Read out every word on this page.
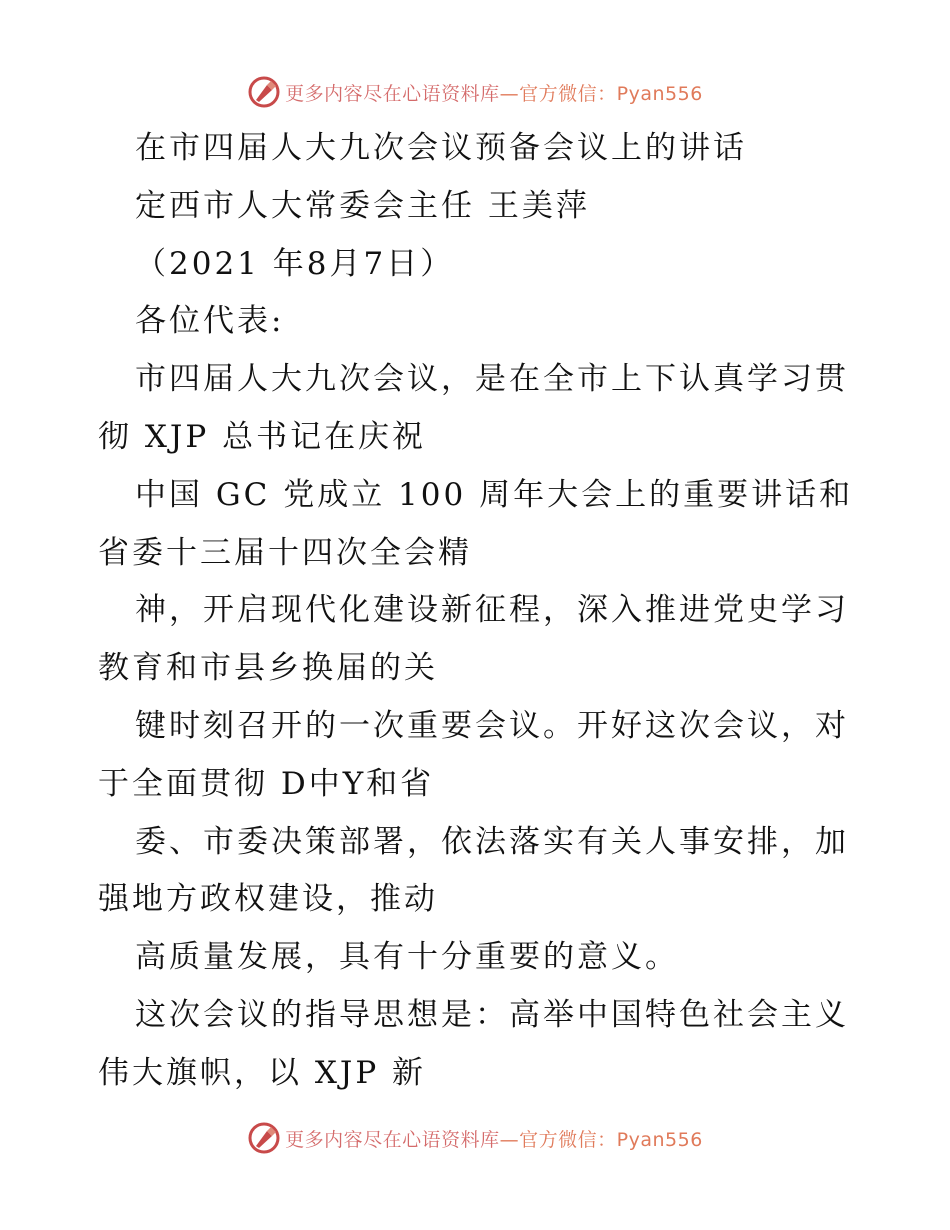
更多内容尽在心语资料库 —官方微信：Pyan556
在市四届人大九次会议预备会议上的讲话
定西市人大常委会主任 王美萍
（2021 年8月7日）
各位代表:
市四届人大九次会议，是在全市上下认真学习贯
彻 XJP 总书记在庆祝
中国 GC 党成立 100 周年大会上的重要讲话和
省委十三届十四次全会精
神，开启现代化建设新征程，深入推进党史学习
教育和市县乡换届的关
键时刻召开的一次重要会议。开好这次会议，对
于全面贯彻 D中Y和省
委、市委决策部署，依法落实有关人事安排，加
强地方政权建设，推动
高质量发展，具有十分重要的意义。
这次会议的指导思想是：高举中国特色社会主义
伟大旗帜，以 XJP 新
更多内容尽在心语资料库 —官方微信：Pyan556
